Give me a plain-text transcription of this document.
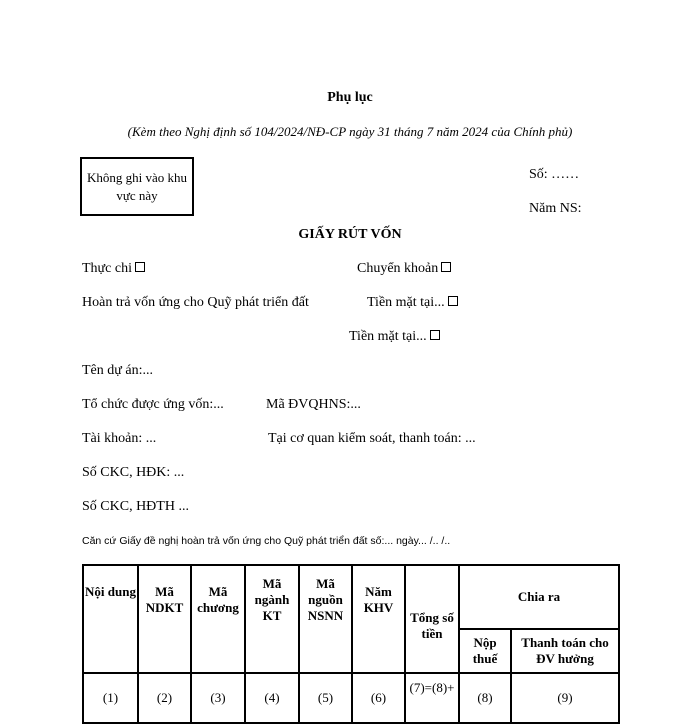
Phụ lục
(Kèm theo Nghị định số 104/2024/NĐ-CP ngày 31 tháng 7 năm 2024 của Chính phủ)
Không ghi vào khu vực này
Số: ……
Năm NS:
GIẤY RÚT VỐN
Thực chi	Chuyển khoản
Hoàn trả vốn ứng cho Quỹ phát triển đất	Tiền mặt tại...
Tiền mặt tại...
Tên dự án:...
Tổ chức được ứng vốn:...	Mã ĐVQHNS:...
Tài khoản: ...	Tại cơ quan kiểm soát, thanh toán: ...
Số CKC, HĐK: ...
Số CKC, HĐTH ...
Căn cứ Giấy đề nghị hoàn trả vốn ứng cho Quỹ phát triển đất số:... ngày... /.. /..
Nội dung	Mã NDKT	Mã chương	Mã ngành KT	Mã nguồn NSNN	Năm KHV	Tổng số tiền	Chia ra	
							Nộp thuế	Thanh toán cho ĐV hưởng
(1)	(2)	(3)	(4)	(5)	(6)	(7)=(8)+	(8)	(9)
